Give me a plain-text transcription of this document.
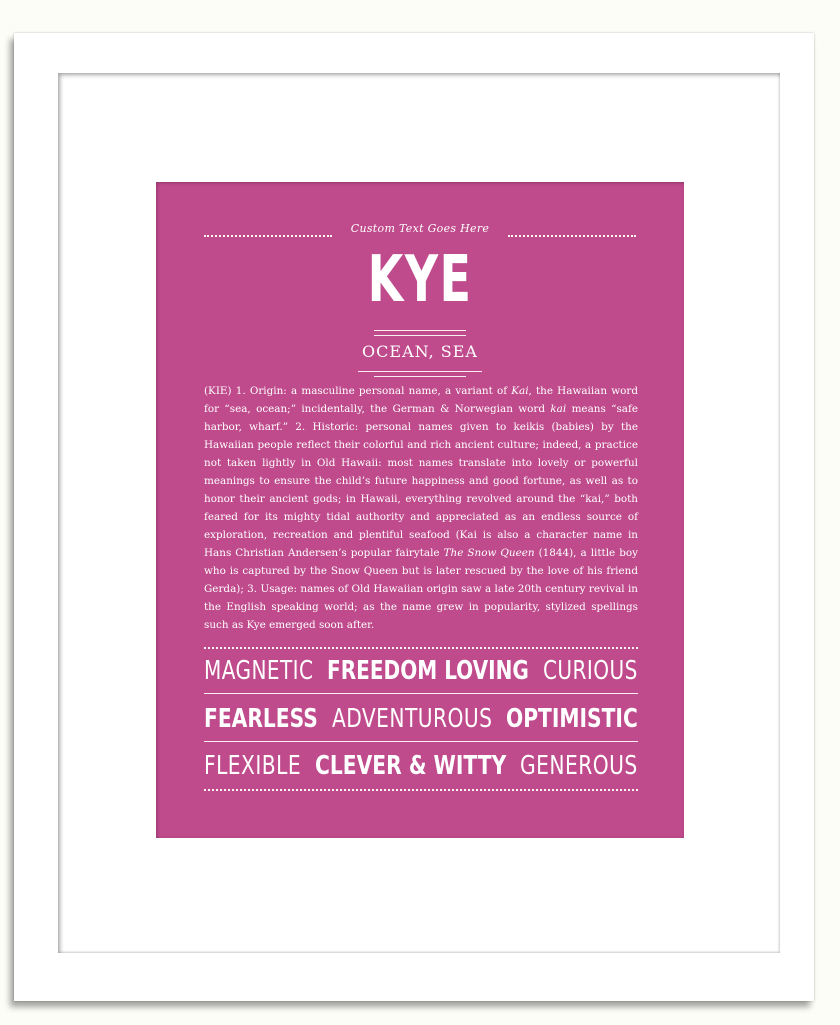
Custom Text Goes Here
KYE
OCEAN, SEA
(KIE) 1. Origin: a masculine personal name, a variant of Kai, the Hawaiian word for “sea, ocean;” incidentally, the German & Norwegian word kai means “safe harbor, wharf.” 2. Historic: personal names given to keikis (babies) by the Hawaiian people reflect their colorful and rich ancient culture; indeed, a practice not taken lightly in Old Hawaii: most names translate into lovely or powerful meanings to ensure the child’s future happiness and good fortune, as well as to honor their ancient gods; in Hawaii, everything revolved around the “kai,” both feared for its mighty tidal authority and appreciated as an endless source of exploration, recreation and plentiful seafood (Kai is also a character name in Hans Christian Andersen’s popular fairytale The Snow Queen (1844), a little boy who is captured by the Snow Queen but is later rescued by the love of his friend Gerda); 3. Usage: names of Old Hawaiian origin saw a late 20th century revival in the English speaking world; as the name grew in popularity, stylized spellings such as Kye emerged soon after.
MAGNETIC FREEDOM LOVING CURIOUS
FEARLESS ADVENTUROUS OPTIMISTIC
FLEXIBLE CLEVER & WITTY GENEROUS
